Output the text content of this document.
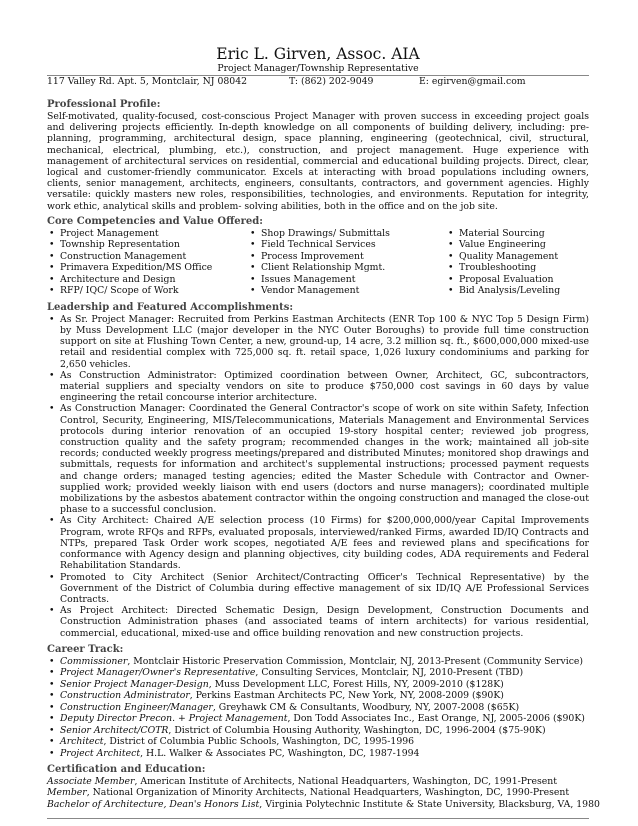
Eric L. Girven, Assoc. AIA
Project Manager/Township Representative
117 Valley Rd. Apt. 5, Montclair, NJ 08042	T: (862) 202-9049	E: egirven@gmail.com
Professional Profile:

Self-motivated, quality-focused, cost-conscious Project Manager with proven success in exceeding project goals and delivering projects efficiently. In-depth knowledge on all components of building delivery, including: pre-planning, programming, architectural design, space planning, engineering (geotechnical, civil, structural, mechanical, electrical, plumbing, etc.), construction, and project management. Huge experience with management of architectural services on residential, commercial and educational building projects. Direct, clear, logical and customer-friendly communicator. Excels at interacting with broad populations including owners, clients, senior management, architects, engineers, consultants, contractors, and government agencies. Highly versatile: quickly masters new roles, responsibilities, technologies, and environments. Reputation for integrity, work ethic, analytical skills and problem- solving abilities, both in the office and on the job site.

Core Competencies and Value Offered:
• Project Management
• Township Representation
• Construction Management
• Primavera Expedition/MS Office
• Architecture and Design
• RFP/ IQC/ Scope of Work
• Shop Drawings/ Submittals
• Field Technical Services
• Process Improvement
• Client Relationship Mgmt.
• Issues Management
• Vendor Management
• Material Sourcing
• Value Engineering
• Quality Management
• Troubleshooting
• Proposal Evaluation
• Bid Analysis/Leveling
Leadership and Featured Accomplishments:
• As Sr. Project Manager: Recruited from Perkins Eastman Architects (ENR Top 100 & NYC Top 5 Design Firm) by Muss Development LLC (major developer in the NYC Outer Boroughs) to provide full time construction support on site at Flushing Town Center, a new, ground-up, 14 acre, 3.2 million sq. ft., $600,000,000 mixed-use retail and residential complex with 725,000 sq. ft. retail space, 1,026 luxury condominiums and parking for 2,650 vehicles.
• As Construction Administrator: Optimized coordination between Owner, Architect, GC, subcontractors, material suppliers and specialty vendors on site to produce $750,000 cost savings in 60 days by value engineering the retail concourse interior architecture.
• As Construction Manager: Coordinated the General Contractor's scope of work on site within Safety, Infection Control, Security, Engineering, MIS/Telecommunications, Materials Management and Environmental Services protocols during interior renovation of an occupied 19-story hospital center; reviewed job progress, construction quality and the safety program; recommended changes in the work; maintained all job-site records; conducted weekly progress meetings/prepared and distributed Minutes; monitored shop drawings and submittals, requests for information and architect's supplemental instructions; processed payment requests and change orders; managed testing agencies; edited the Master Schedule with Contractor and Owner-supplied work; provided weekly liaison with end users (doctors and nurse managers); coordinated multiple mobilizations by the asbestos abatement contractor within the ongoing construction and managed the close-out phase to a successful conclusion.
• As City Architect: Chaired A/E selection process (10 Firms) for $200,000,000/year Capital Improvements Program, wrote RFQs and RFPs, evaluated proposals, interviewed/ranked Firms, awarded ID/IQ Contracts and NTPs, prepared Task Order work scopes, negotiated A/E fees and reviewed plans and specifications for conformance with Agency design and planning objectives, city building codes, ADA requirements and Federal Rehabilitation Standards.
• Promoted to City Architect (Senior Architect/Contracting Officer's Technical Representative) by the Government of the District of Columbia during effective management of six ID/IQ A/E Professional Services Contracts.
• As Project Architect: Directed Schematic Design, Design Development, Construction Documents and Construction Administration phases (and associated teams of intern architects) for various residential, commercial, educational, mixed-use and office building renovation and new construction projects.
Career Track:
• Commissioner, Montclair Historic Preservation Commission, Montclair, NJ, 2013-Present (Community Service)
• Project Manager/Owner's Representative, Consulting Services, Montclair, NJ, 2010-Present (TBD)
• Senior Project Manager-Design, Muss Development LLC, Forest Hills, NY, 2009-2010 ($128K)
• Construction Administrator, Perkins Eastman Architects PC, New York, NY, 2008-2009 ($90K)
• Construction Engineer/Manager, Greyhawk CM & Consultants, Woodbury, NY, 2007-2008 ($65K)
• Deputy Director Precon. + Project Management, Don Todd Associates Inc., East Orange, NJ, 2005-2006 ($90K)
• Senior Architect/COTR, District of Columbia Housing Authority, Washington, DC, 1996-2004 ($75-90K)
• Architect, District of Columbia Public Schools, Washington, DC, 1995-1996
• Project Architect, H.L. Walker & Associates PC, Washington, DC, 1987-1994
Certification and Education:
Associate Member, American Institute of Architects, National Headquarters, Washington, DC, 1991-Present
Member, National Organization of Minority Architects, National Headquarters, Washington, DC, 1990-Present
Bachelor of Architecture, Dean's Honors List, Virginia Polytechnic Institute & State University, Blacksburg, VA, 1980
